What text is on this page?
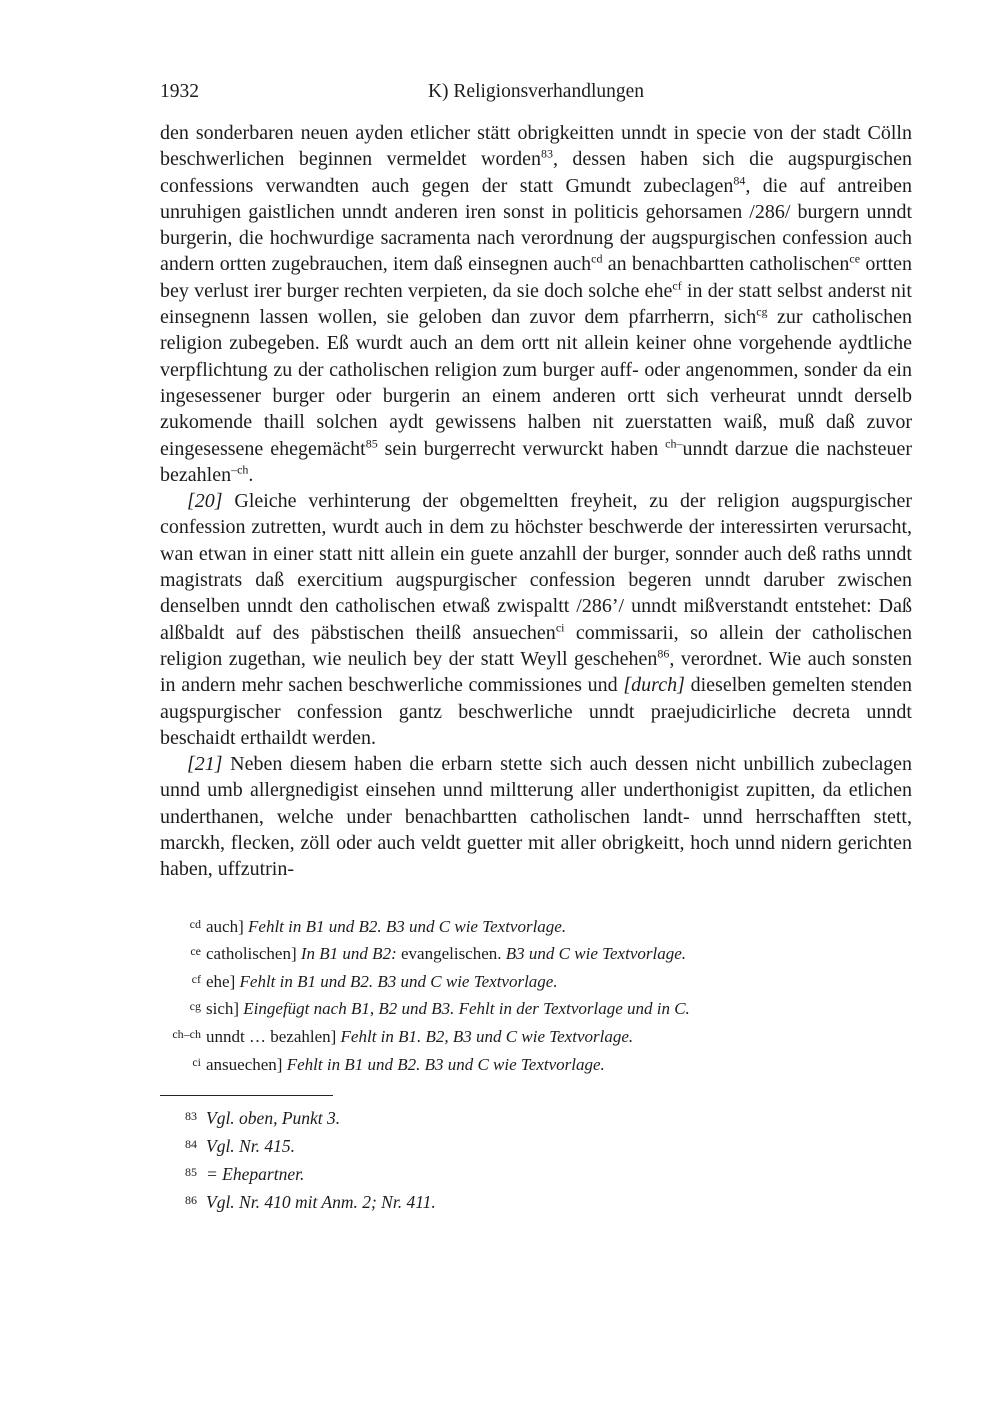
1932	K) Religionsverhandlungen

den sonderbaren neuen ayden etlicher stätt obrigkeitten unndt in specie von der stadt Cölln beschwerlichen beginnen vermeldet worden$^{83}$, dessen haben sich die augspurgischen confessions verwandten auch gegen der statt Gmundt zubeclagen$^{84}$, die auf antreiben unruhigen gaistlichen unndt anderen iren sonst in politicis gehorsamen /286/ burgern unndt burgerin, die hochwurdige sacramenta nach verordnung der augspurgischen confession auch andern ortten zugebrauchen, item daß einsegnen auch$^{cd}$ an benachbartten catholischen$^{ce}$ ortten bey verlust irer burger rechten verpieten, da sie doch solche ehe$^{cf}$ in der statt selbst anderst nit einsegnenn lassen wollen, sie geloben dan zuvor dem pfarrherrn, sich$^{cg}$ zur catholischen religion zubegeben. Eß wurdt auch an dem ortt nit allein keiner ohne vorgehende aydtliche verpflichtung zu der catholischen religion zum burger auff- oder angenommen, sonder da ein ingesessener burger oder burgerin an einem anderen ortt sich verheurat unndt derselb zukomende thaill solchen aydt gewissens halben nit zuerstatten waiß, muß daß zuvor eingesessene ehegemächt$^{85}$ sein burgerrecht verwurckt haben $^{ch-}$unndt darzue die nachsteuer bezahlen$^{-ch}$.

[20] Gleiche verhinterung der obgemeltten freyheit, zu der religion augspurgischer confession zutretten, wurdt auch in dem zu höchster beschwerde der interessirten verursacht, wan etwan in einer statt nitt allein ein guete anzahll der burger, sonnder auch deß raths unndt magistrats daß exercitium augspurgischer confession begeren unndt daruber zwischen denselben unndt den catholischen etwaß zwispaltt /286’/ unndt mißverstandt entstehet: Daß alßbaldt auf des päbstischen theilß ansuechen$^{ci}$ commissarii, so allein der catholischen religion zugethan, wie neulich bey der statt Weyll geschehen$^{86}$, verordnet. Wie auch sonsten in andern mehr sachen beschwerliche commissiones und [durch] dieselben gemelten stenden augspurgischer confession gantz beschwerliche unndt praejudicirliche decreta unndt beschaidt erthaildt werden.

[21] Neben diesem haben die erbarn stette sich auch dessen nicht unbillich zubeclagen unnd umb allergnedigist einsehen unnd miltterung aller underthonigist zupitten, da etlichen underthanen, welche under benachbartten catholischen landt- unnd herrschafften stett, marckh, flecken, zöll oder auch veldt guetter mit aller obrigkeitt, hoch unnd nidern gerichten haben, uffzutrin-

cd auch] Fehlt in B1 und B2. B3 und C wie Textvorlage.
ce catholischen] In B1 und B2: evangelischen. B3 und C wie Textvorlage.
cf ehe] Fehlt in B1 und B2. B3 und C wie Textvorlage.
cg sich] Eingefügt nach B1, B2 und B3. Fehlt in der Textvorlage und in C.
ch–ch unndt … bezahlen] Fehlt in B1. B2, B3 und C wie Textvorlage.
ci ansuechen] Fehlt in B1 und B2. B3 und C wie Textvorlage.
83 Vgl. oben, Punkt 3.
84 Vgl. Nr. 415.
85 = Ehepartner.
86 Vgl. Nr. 410 mit Anm. 2; Nr. 411.
